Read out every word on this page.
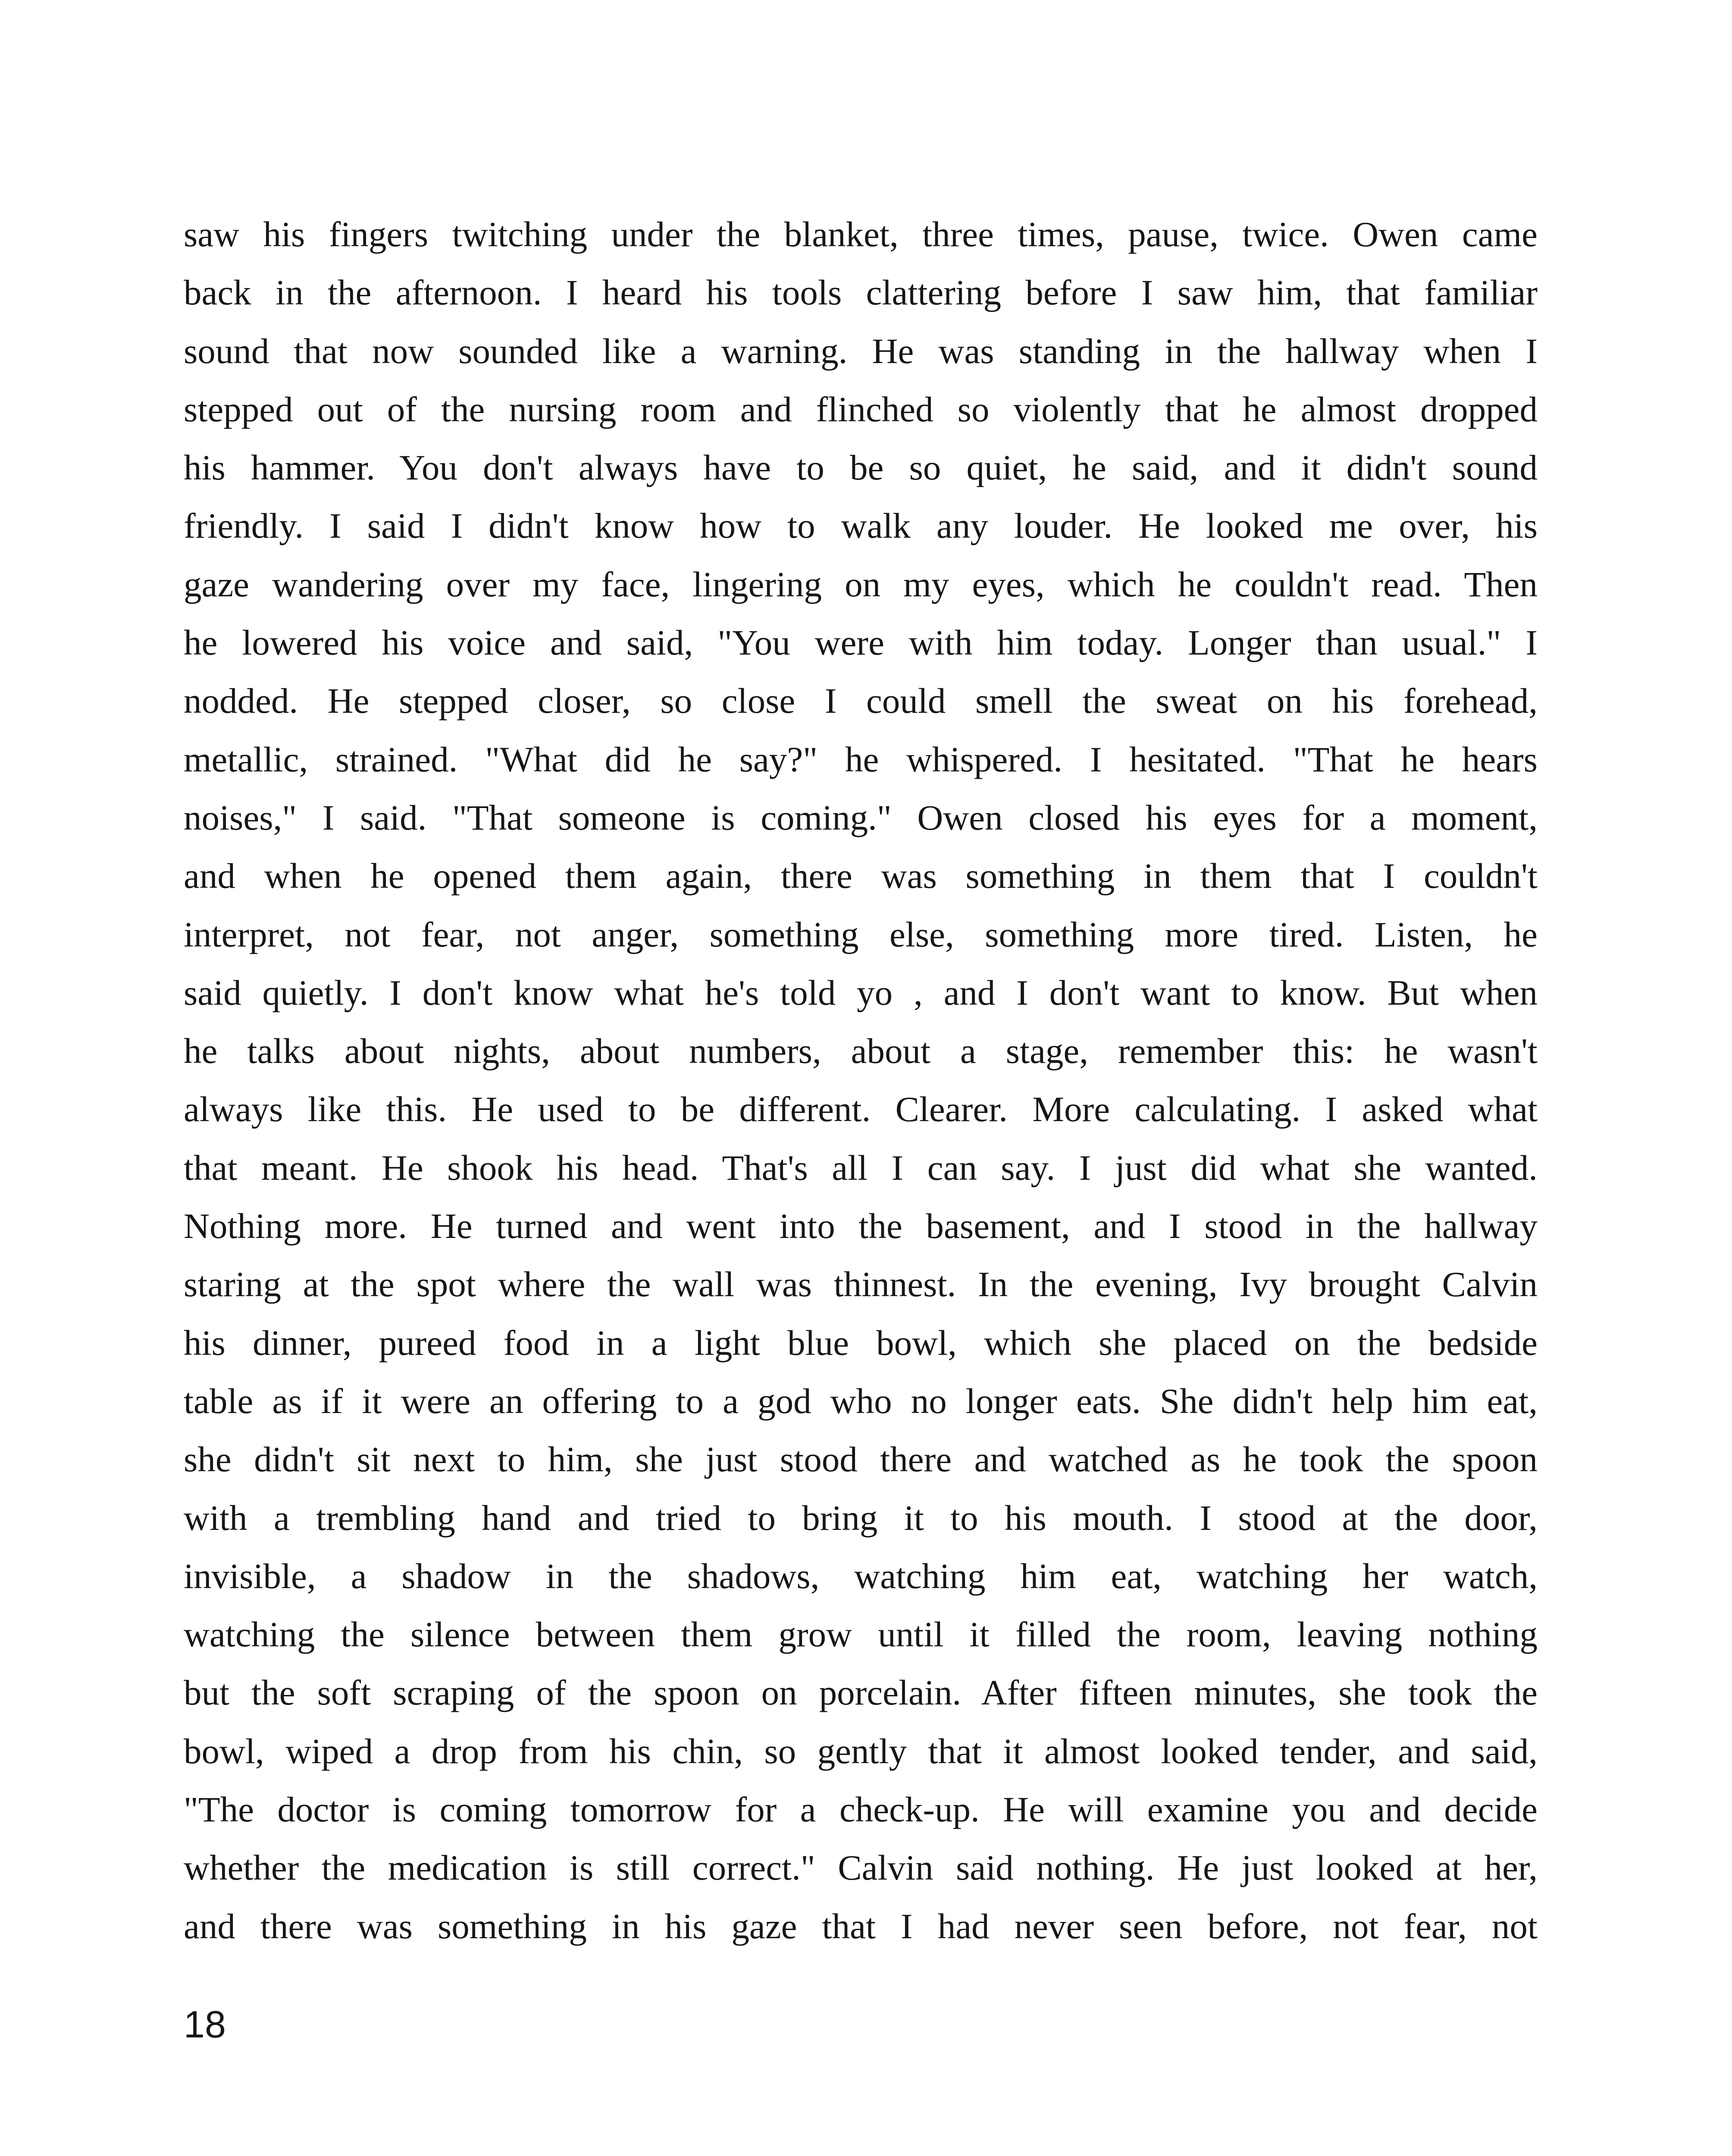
saw his fingers twitching under the blanket, three times, pause, twice. Owen came
back in the afternoon. I heard his tools clattering before I saw him, that familiar
sound that now sounded like a warning. He was standing in the hallway when I
stepped out of the nursing room and flinched so violently that he almost dropped
his hammer. You don't always have to be so quiet, he said, and it didn't sound
friendly. I said I didn't know how to walk any louder. He looked me over, his
gaze wandering over my face, lingering on my eyes, which he couldn't read. Then
he lowered his voice and said, "You were with him today. Longer than usual." I
nodded. He stepped closer, so close I could smell the sweat on his forehead,
metallic, strained. "What did he say?" he whispered. I hesitated. "That he hears
noises," I said. "That someone is coming." Owen closed his eyes for a moment,
and when he opened them again, there was something in them that I couldn't
interpret, not fear, not anger, something else, something more tired. Listen, he
said quietly. I don't know what he's told yo , and I don't want to know. But when
he talks about nights, about numbers, about a stage, remember this: he wasn't
always like this. He used to be different. Clearer. More calculating. I asked what
that meant. He shook his head. That's all I can say. I just did what she wanted.
Nothing more. He turned and went into the basement, and I stood in the hallway
staring at the spot where the wall was thinnest. In the evening, Ivy brought Calvin
his dinner, pureed food in a light blue bowl, which she placed on the bedside
table as if it were an offering to a god who no longer eats. She didn't help him eat,
she didn't sit next to him, she just stood there and watched as he took the spoon
with a trembling hand and tried to bring it to his mouth. I stood at the door,
invisible, a shadow in the shadows, watching him eat, watching her watch,
watching the silence between them grow until it filled the room, leaving nothing
but the soft scraping of the spoon on porcelain. After fifteen minutes, she took the
bowl, wiped a drop from his chin, so gently that it almost looked tender, and said,
"The doctor is coming tomorrow for a check-up. He will examine you and decide
whether the medication is still correct." Calvin said nothing. He just looked at her,
and there was something in his gaze that I had never seen before, not fear, not
18
